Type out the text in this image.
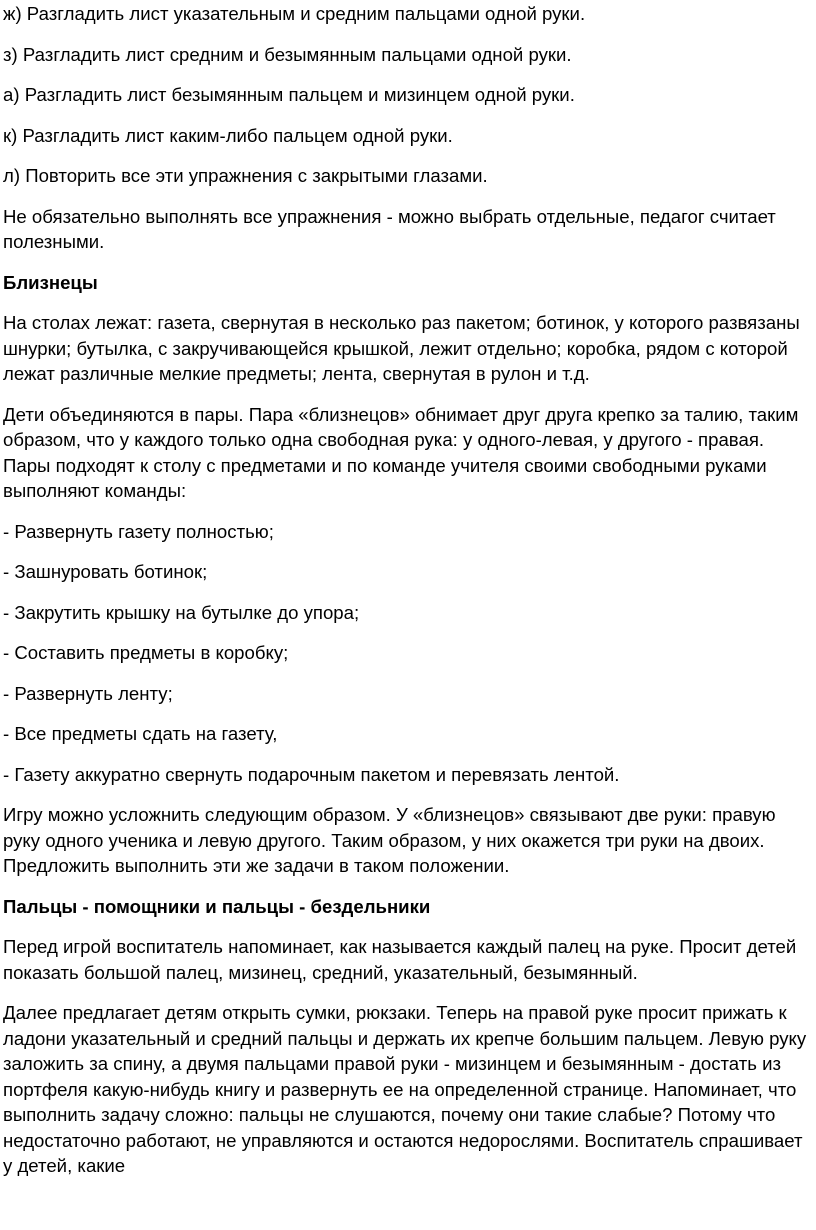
ж) Разгладить лист указательным и средним пальцами одной руки.

з) Разгладить лист средним и безымянным пальцами одной руки.

а) Разгладить лист безымянным пальцем и мизинцем одной руки.

к) Разгладить лист каким-либо пальцем одной руки.

л) Повторить все эти упражнения с закрытыми глазами.

Не обязательно выполнять все упражнения - можно выбрать отдельные, педагог считает полезными.

Близнецы

На столах лежат: газета, свернутая в несколько раз пакетом; ботинок, у которого развязаны шнурки; бутылка, с закручивающейся крышкой, лежит отдельно; коробка, рядом с которой лежат различные мелкие предметы; лента, свернутая в рулон и т.д.

Дети объединяются в пары. Пара «близнецов» обнимает друг друга крепко за талию, таким образом, что у каждого только одна свободная рука: у одного-левая, у другого - правая. Пары подходят к столу с предметами и по команде учителя своими свободными руками выполняют команды:

- Развернуть газету полностью;

- Зашнуровать ботинок;

- Закрутить крышку на бутылке до упора;

- Составить предметы в коробку;

- Развернуть ленту;

- Все предметы сдать на газету,

- Газету аккуратно свернуть подарочным пакетом и перевязать лентой.

Игру можно усложнить следующим образом. У «близнецов» связывают две руки: правую руку одного ученика и левую другого. Таким образом, у них окажется три руки на двоих. Предложить выполнить эти же задачи в таком положении.

Пальцы - помощники и пальцы - бездельники

Перед игрой воспитатель напоминает, как называется каждый палец на руке. Просит детей показать большой палец, мизинец, средний, указательный, безымянный.

Далее предлагает детям открыть сумки, рюкзаки. Теперь на правой руке просит прижать к ладони указательный и средний пальцы и держать их крепче большим пальцем. Левую руку заложить за спину, а двумя пальцами правой руки - мизинцем и безымянным - достать из портфеля какую-нибудь книгу и развернуть ее на определенной странице. Напоминает, что выполнить задачу сложно: пальцы не слушаются, почему они такие слабые? Потому что недостаточно работают, не управляются и остаются недорослями. Воспитатель спрашивает у детей, какие
